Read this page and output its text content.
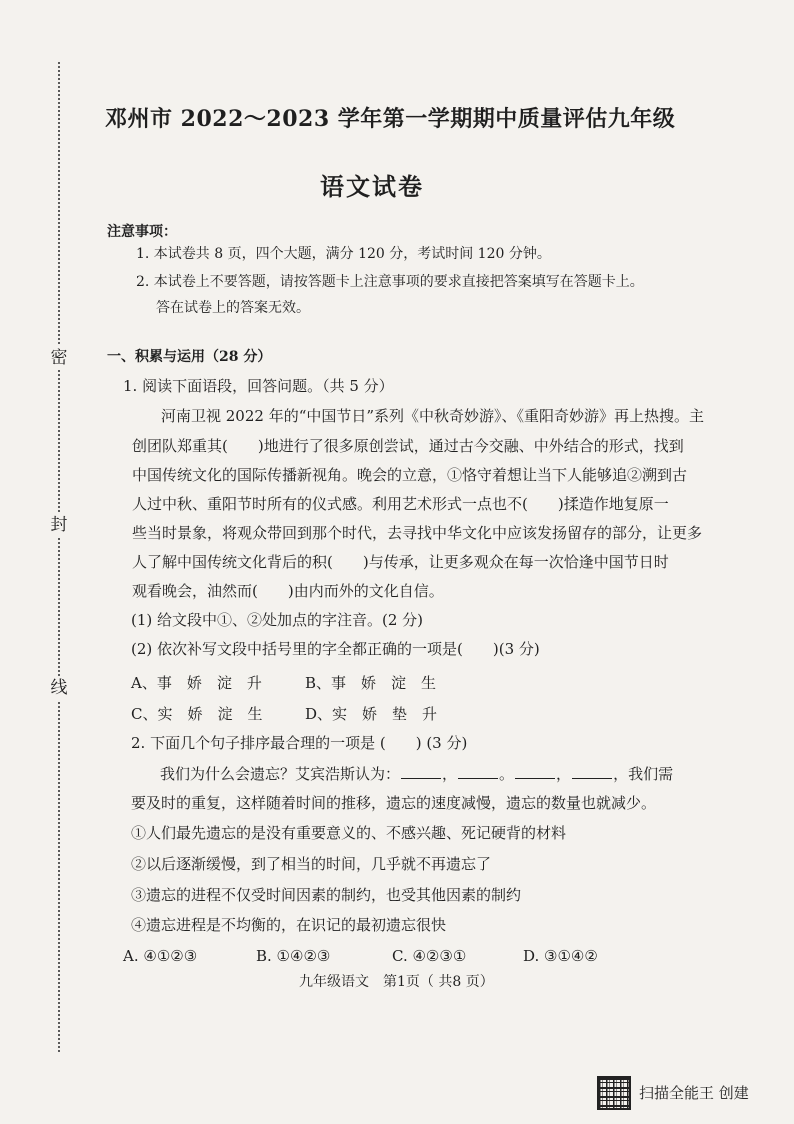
密
封
线
邓州市 2022～2023 学年第一学期期中质量评估九年级
语文试卷
注意事项：
1. 本试卷共 8 页，四个大题，满分 120 分，考试时间 120 分钟。
2. 本试卷上不要答题，请按答题卡上注意事项的要求直接把答案填写在答题卡上。
答在试卷上的答案无效。
一、积累与运用（28 分）
1. 阅读下面语段，回答问题。（共 5 分）
河南卫视 2022 年的“中国节日”系列《中秋奇妙游》、《重阳奇妙游》再上热搜。主
创团队郑重其(　　)地进行了很多原创尝试，通过古今交融、中外结合的形式，找到
中国传统文化的国际传播新视角。晚会的立意，①恪守着想让当下人能够追②溯到古
人过中秋、重阳节时所有的仪式感。利用艺术形式一点也不(　　)揉造作地复原一
些当时景象，将观众带回到那个时代，去寻找中华文化中应该发扬留存的部分，让更多
人了解中国传统文化背后的积(　　)与传承，让更多观众在每一次恰逢中国节日时
观看晚会，油然而(　　)由内而外的文化自信。
(1) 给文段中①、②处加点的字注音。(2 分)
(2) 依次补写文段中括号里的字全都正确的一项是(　　)(3 分)
A、事　娇　淀　升	B、事　娇　淀　生
C、实　娇　淀　生	D、实　娇　垫　升
2. 下面几个句子排序最合理的一项是 (　　) (3 分)
我们为什么会遗忘？艾宾浩斯认为：	，	。	，	，我们需
要及时的重复，这样随着时间的推移，遗忘的速度减慢，遗忘的数量也就减少。
①人们最先遗忘的是没有重要意义的、不感兴趣、死记硬背的材料
②以后逐渐缓慢，到了相当的时间，几乎就不再遗忘了
③遗忘的进程不仅受时间因素的制约，也受其他因素的制约
④遗忘进程是不均衡的，在识记的最初遗忘很快
A. ④①②③	B. ①④②③	C. ④②③①	D. ③①④②
九年级语文　第1页（ 共8 页）
扫描全能王 创建
